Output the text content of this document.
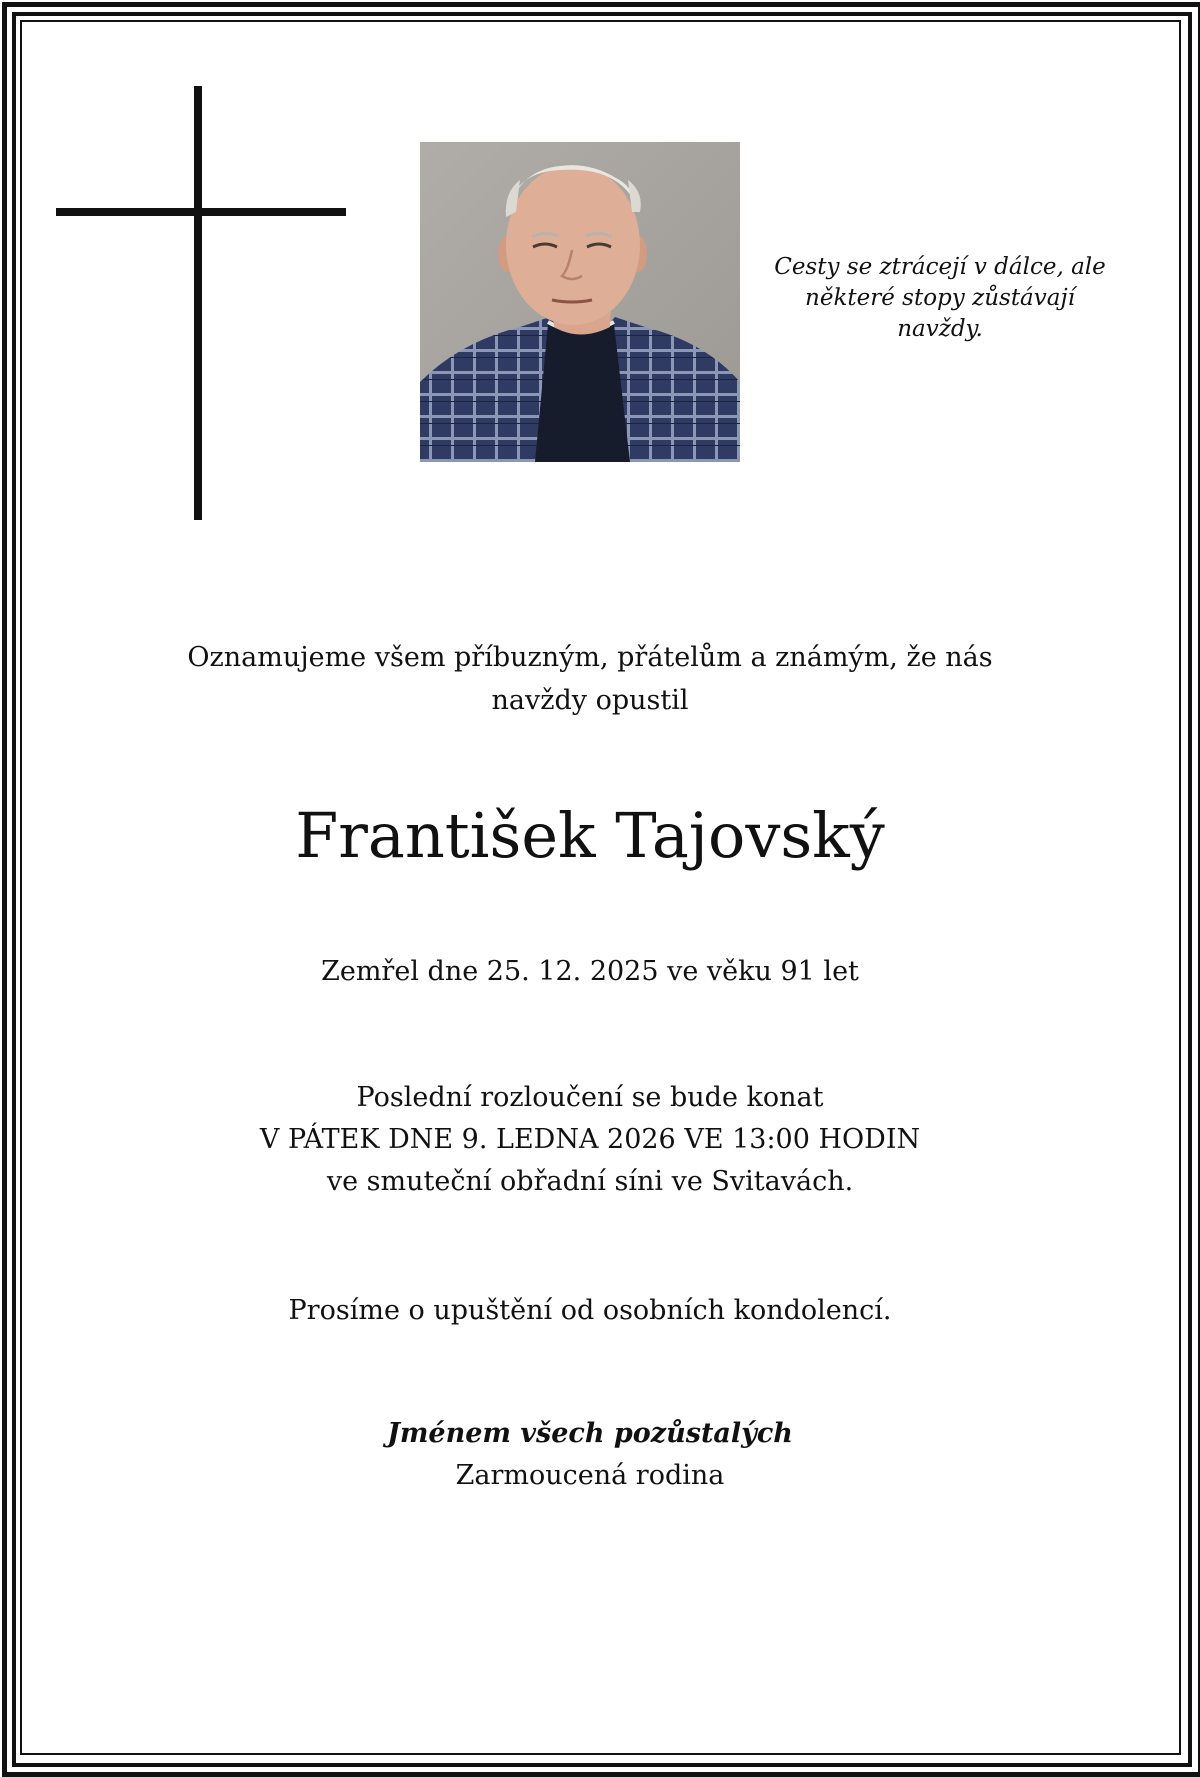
Cesty se ztrácejí v dálce, ale
některé stopy zůstávají
navždy.
Oznamujeme všem příbuzným, přátelům a známým, že nás
navždy opustil
František Tajovský
Zemřel dne 25. 12. 2025 ve věku 91 let
Poslední rozloučení se bude konat
V PÁTEK DNE 9. LEDNA 2026 VE 13:00 HODIN
ve smuteční obřadní síni ve Svitavách.
Prosíme o upuštění od osobních kondolencí.
Jménem všech pozůstalých
Zarmoucená rodina
